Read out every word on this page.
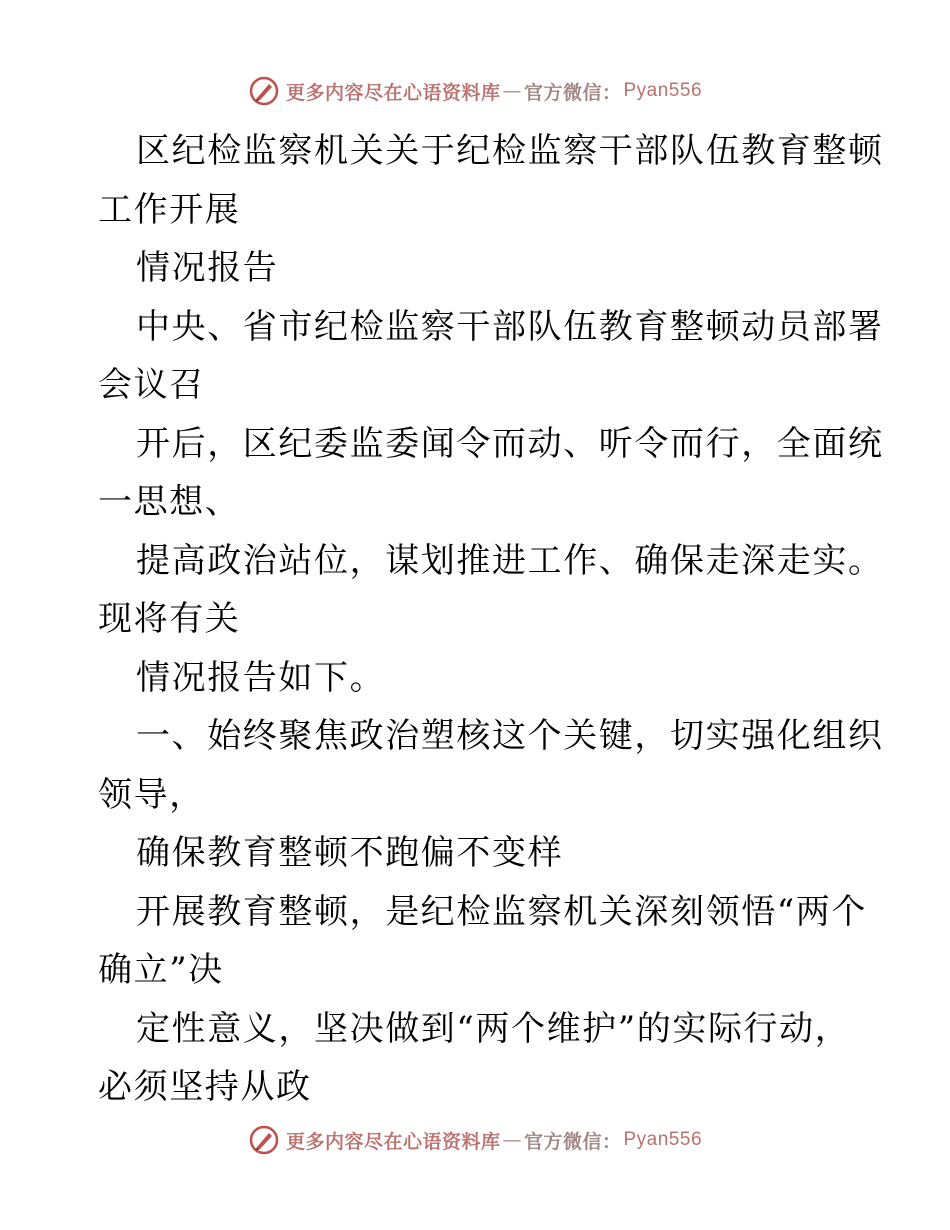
更多内容尽在心语资料库 — 官方微信： Pyan556
区纪检监察机关关于纪检监察干部队伍教育整顿
工作开展
情况报告
中央、省市纪检监察干部队伍教育整顿动员部署
会议召
开后，区纪委监委闻令而动、听令而行，全面统
一思想、
提高政治站位，谋划推进工作、确保走深走实。
现将有关
情况报告如下。
一、始终聚焦政治塑核这个关键，切实强化组织
领导，
确保教育整顿不跑偏不变样
开展教育整顿，是纪检监察机关深刻领悟“两个
确立”决
定性意义，坚决做到“两个维护”的实际行动，
必须坚持从政
更多内容尽在心语资料库 — 官方微信： Pyan556
